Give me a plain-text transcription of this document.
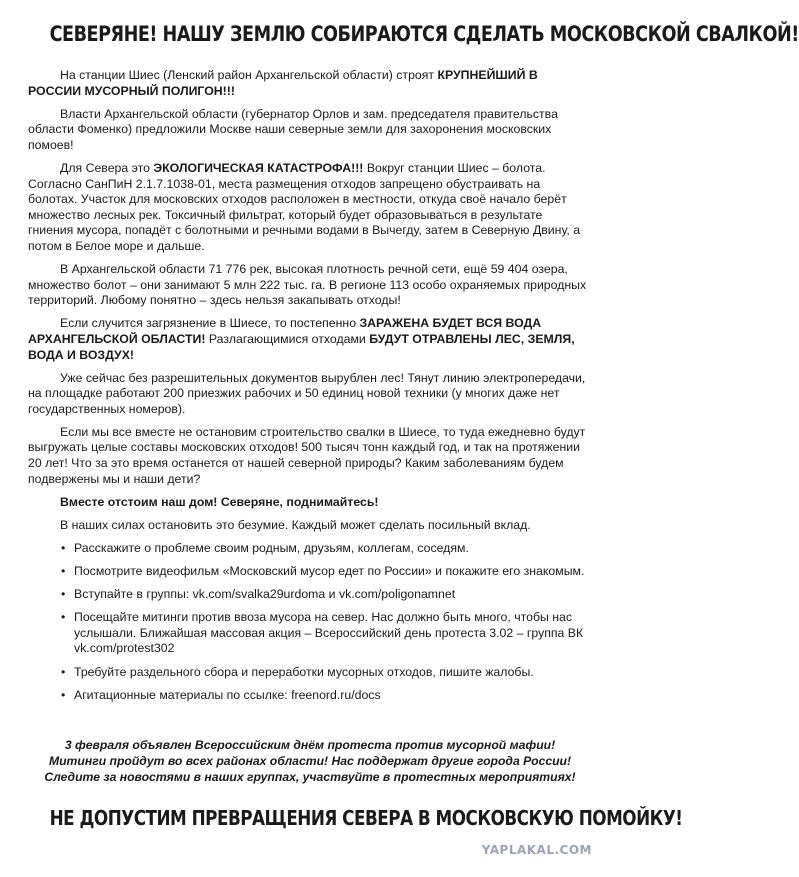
СЕВЕРЯНЕ! НАШУ ЗЕМЛЮ СОБИРАЮТСЯ СДЕЛАТЬ МОСКОВСКОЙ СВАЛКОЙ!

На станции Шиес (Ленский район Архангельской области) строят КРУПНЕЙШИЙ В РОССИИ МУСОРНЫЙ ПОЛИГОН!!!

Власти Архангельской области (губернатор Орлов и зам. председателя правительства области Фоменко) предложили Москве наши северные земли для захоронения московских помоев!

Для Севера это ЭКОЛОГИЧЕСКАЯ КАТАСТРОФА!!! Вокруг станции Шиес – болота. Согласно СанПиН 2.1.7.1038-01, места размещения отходов запрещено обустраивать на болотах. Участок для московских отходов расположен в местности, откуда своё начало берёт множество лесных рек. Токсичный фильтрат, который будет образовываться в результате гниения мусора, попадёт с болотными и речными водами в Вычегду, затем в Северную Двину, а потом в Белое море и дальше.

В Архангельской области 71 776 рек, высокая плотность речной сети, ещё 59 404 озера, множество болот – они занимают 5 млн 222 тыс. га. В регионе 113 особо охраняемых природных территорий. Любому понятно – здесь нельзя закапывать отходы!

Если случится загрязнение в Шиесе, то постепенно ЗАРАЖЕНА БУДЕТ ВСЯ ВОДА АРХАНГЕЛЬСКОЙ ОБЛАСТИ! Разлагающимися отходами БУДУТ ОТРАВЛЕНЫ ЛЕС, ЗЕМЛЯ, ВОДА И ВОЗДУХ!

Уже сейчас без разрешительных документов вырублен лес! Тянут линию электропередачи, на площадке работают 200 приезжих рабочих и 50 единиц новой техники (у многих даже нет государственных номеров).

Если мы все вместе не остановим строительство свалки в Шиесе, то туда ежедневно будут выгружать целые составы московских отходов! 500 тысяч тонн каждый год, и так на протяжении 20 лет! Что за это время останется от нашей северной природы? Каким заболеваниям будем подвержены мы и наши дети?

Вместе отстоим наш дом! Северяне, поднимайтесь!

В наших силах остановить это безумие. Каждый может сделать посильный вклад.

• Расскажите о проблеме своим родным, друзьям, коллегам, соседям.
• Посмотрите видеофильм «Московский мусор едет по России» и покажите его знакомым.
• Вступайте в группы: vk.com/svalka29urdoma и vk.com/poligonamnet
• Посещайте митинги против ввоза мусора на север. Нас должно быть много, чтобы нас услышали. Ближайшая массовая акция – Всероссийский день протеста 3.02 – группа ВК vk.com/protest302
• Требуйте раздельного сбора и переработки мусорных отходов, пишите жалобы.
• Агитационные материалы по ссылке: freenord.ru/docs
3 февраля объявлен Всероссийским днём протеста против мусорной мафии!
Митинги пройдут во всех районах области! Нас поддержат другие города России!
Следите за новостями в наших группах, участвуйте в протестных мероприятиях!
НЕ ДОПУСТИМ ПРЕВРАЩЕНИЯ СЕВЕРА В МОСКОВСКУЮ ПОМОЙКУ!
YAPLAKAL.COM
